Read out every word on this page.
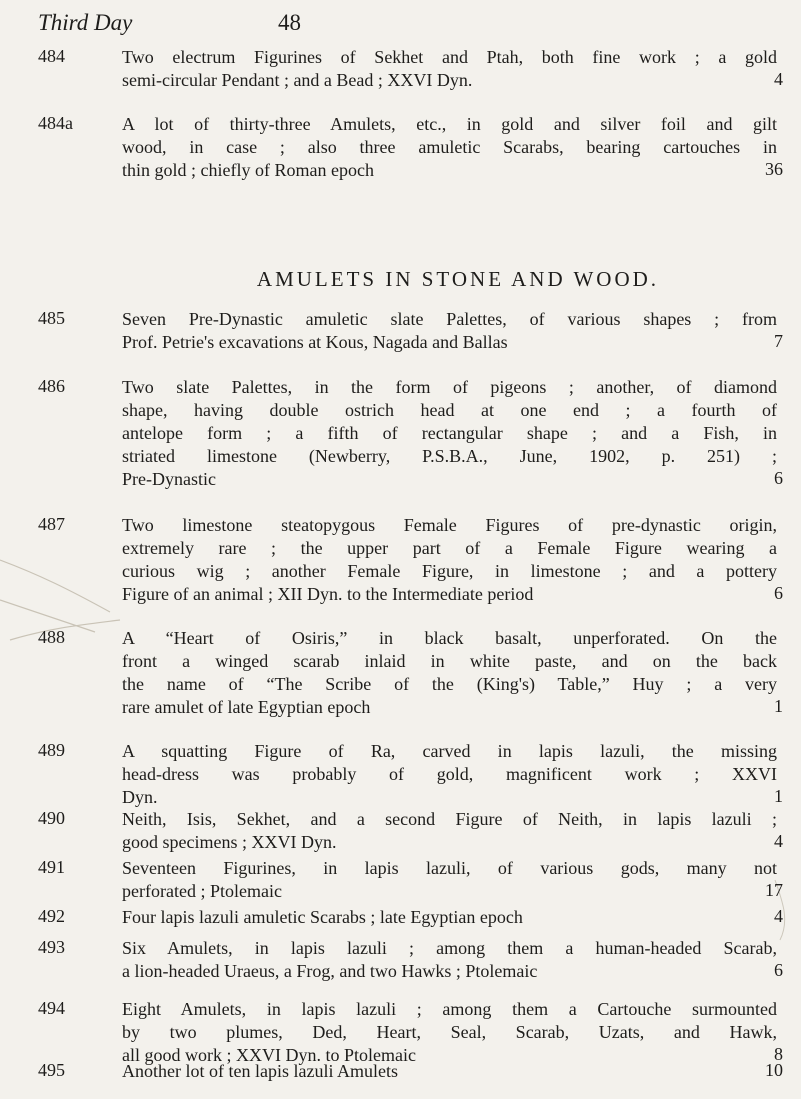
Third Day	48
484	Two electrum Figurines of Sekhet and Ptah, both fine work ; a gold
semi-circular Pendant ; and a Bead ; XXVI Dyn.	4
484a	A lot of thirty-three Amulets, etc., in gold and silver foil and gilt
wood, in case ; also three amuletic Scarabs, bearing cartouches in
thin gold ; chiefly of Roman epoch	36
AMULETS IN STONE AND WOOD.
485	Seven Pre-Dynastic amuletic slate Palettes, of various shapes ; from
Prof. Petrie's excavations at Kous, Nagada and Ballas	7
486	Two slate Palettes, in the form of pigeons ; another, of diamond
shape, having double ostrich head at one end ; a fourth of
antelope form ; a fifth of rectangular shape ; and a Fish, in
striated limestone (Newberry, P.S.B.A., June, 1902, p. 251) ;
Pre-Dynastic	6
487	Two limestone steatopygous Female Figures of pre-dynastic origin,
extremely rare ; the upper part of a Female Figure wearing a
curious wig ; another Female Figure, in limestone ; and a pottery
Figure of an animal ; XII Dyn. to the Intermediate period	6
488	A “Heart of Osiris,” in black basalt, unperforated. On the
front a winged scarab inlaid in white paste, and on the back
the name of “The Scribe of the (King's) Table,” Huy ; a very
rare amulet of late Egyptian epoch	1
489	A squatting Figure of Ra, carved in lapis lazuli, the missing
head-dress was probably of gold, magnificent work ; XXVI
Dyn.	1
490	Neith, Isis, Sekhet, and a second Figure of Neith, in lapis lazuli ;
good specimens ; XXVI Dyn.	4
491	Seventeen Figurines, in lapis lazuli, of various gods, many not
perforated ; Ptolemaic	17
492	Four lapis lazuli amuletic Scarabs ; late Egyptian epoch	4
493	Six Amulets, in lapis lazuli ; among them a human-headed Scarab,
a lion-headed Uraeus, a Frog, and two Hawks ; Ptolemaic	6
494	Eight Amulets, in lapis lazuli ; among them a Cartouche surmounted
by two plumes, Ded, Heart, Seal, Scarab, Uzats, and Hawk,
all good work ; XXVI Dyn. to Ptolemaic	8
495	Another lot of ten lapis lazuli Amulets	10
